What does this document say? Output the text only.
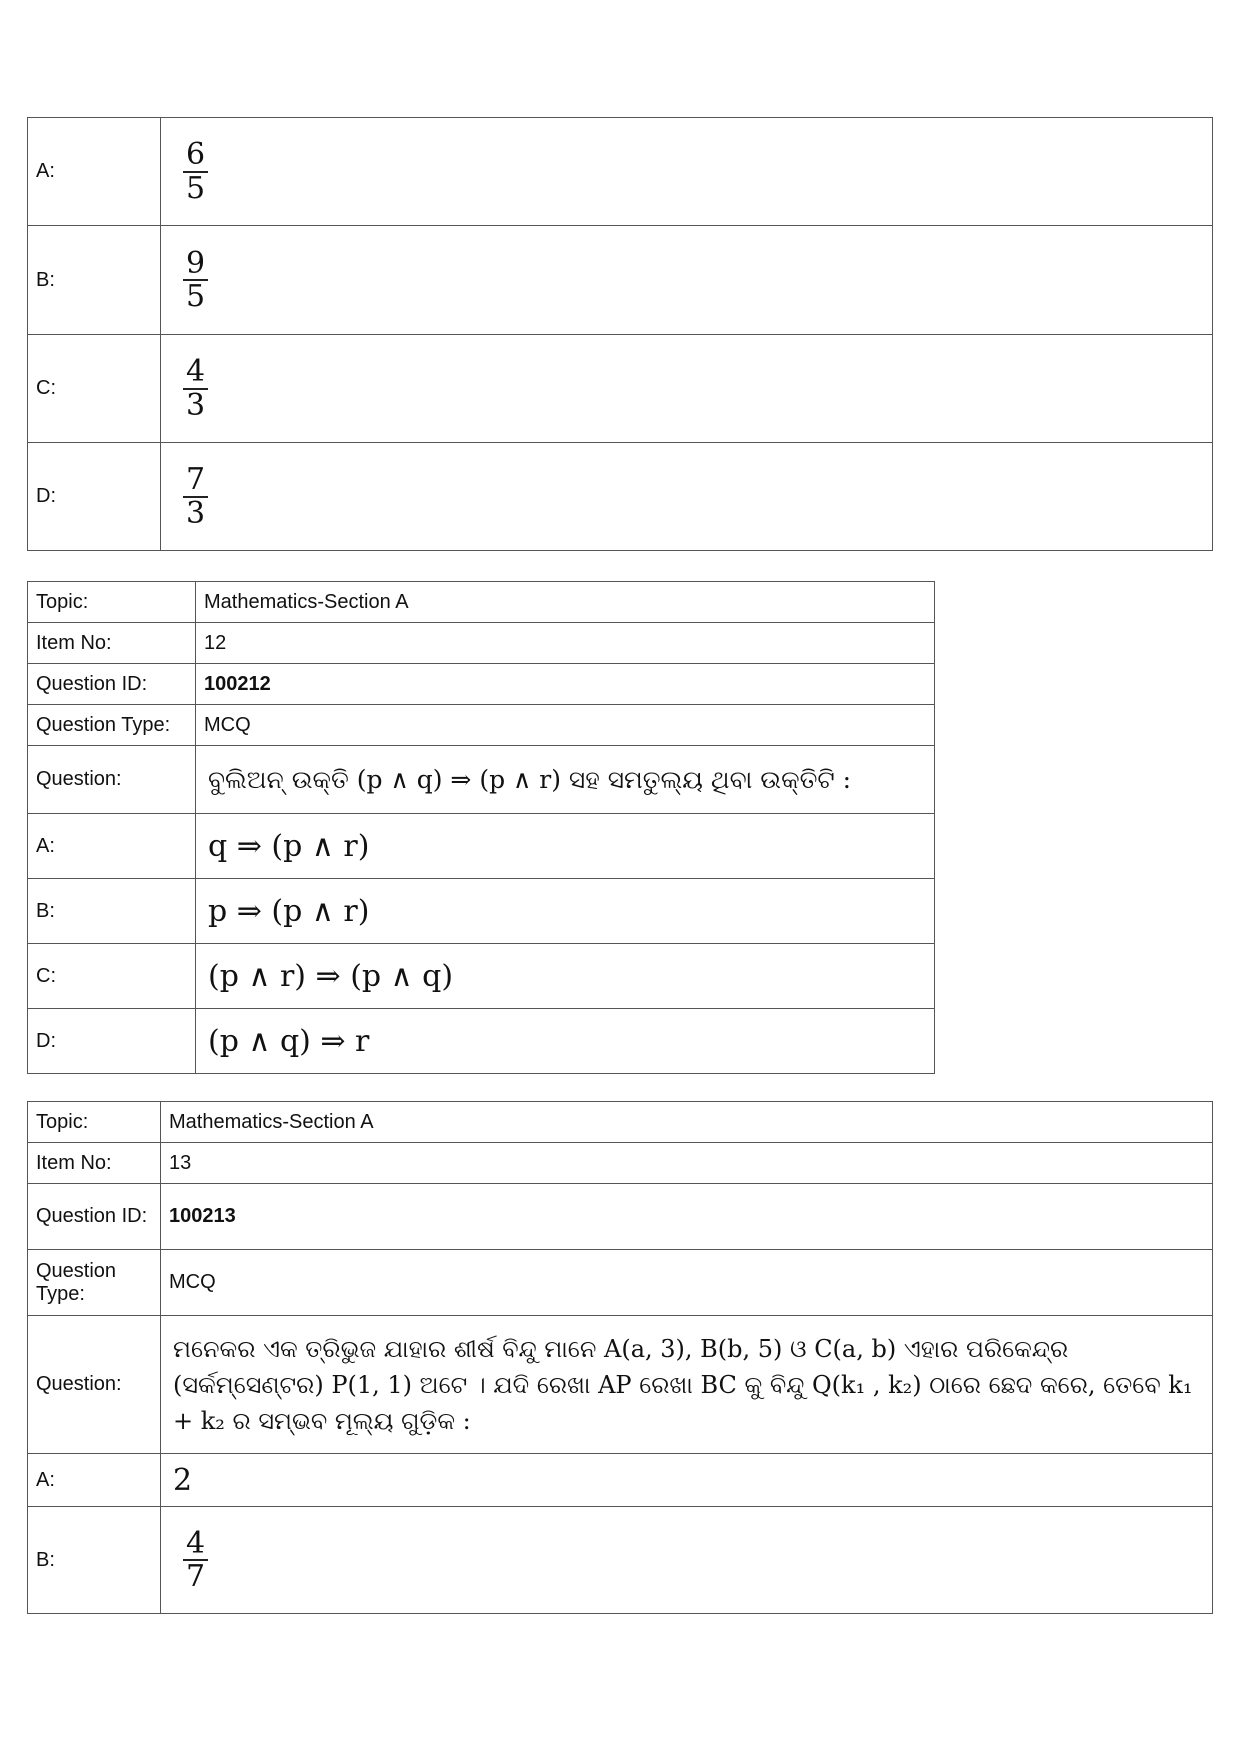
A:	$\frac{6}{5}$

B:	$\frac{9}{5}$

C:	$\frac{4}{3}$

D:	$\frac{7}{3}$
Topic:	Mathematics-Section A
Item No:	12
Question ID:	100212
Question Type:	MCQ
Question:	ବୁଲିଅନ୍ ଉକ୍ତି (p ∧ q) ⇒ (p ∧ r) ସହ ସମତୁଲ୍ୟ ଥିବା ଉକ୍ତିଟି :
A:	q ⇒ (p ∧ r)
B:	p ⇒ (p ∧ r)
C:	(p ∧ r) ⇒ (p ∧ q)
D:	(p ∧ q) ⇒ r
Topic:	Mathematics-Section A
Item No:	13
Question ID:	100213
Question Type:	MCQ
Question:	ମନେକର ଏକ ତ୍ରିଭୁଜ ଯାହାର ଶୀର୍ଷ ବିନ୍ଦୁ ମାନେ A(a, 3), B(b, 5) ଓ C(a, b) ଏହାର ପରିକେନ୍ଦ୍ର (ସର୍କମ୍‌ସେଣ୍ଟର) P(1, 1) ଅଟେ । ଯଦି ରେଖା AP ରେଖା BC କୁ ବିନ୍ଦୁ Q(k₁ , k₂) ଠାରେ ଛେଦ କରେ, ତେବେ k₁ + k₂ ର ସମ୍ଭବ ମୂଲ୍ୟ ଗୁଡ଼ିକ :
A:	2
B:	$\frac{4}{7}$
